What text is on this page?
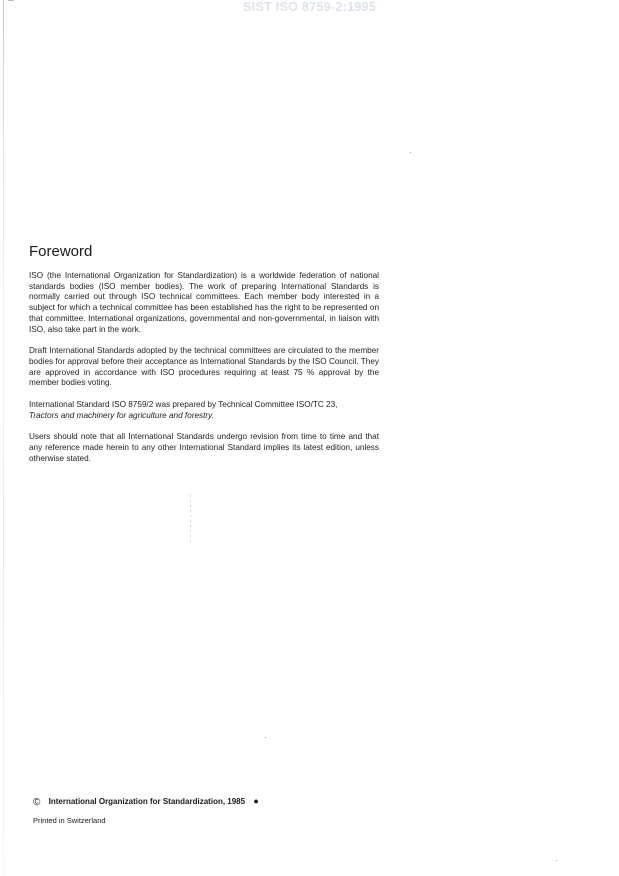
SIST ISO 8759-2:1995
Foreword

ISO (the International Organization for Standardization) is a worldwide federation of national standards bodies (ISO member bodies). The work of preparing International Standards is normally carried out through ISO technical committees. Each member body interested in a subject for which a technical committee has been established has the right to be represented on that committee. International organizations, governmental and non-governmental, in liaison with ISO, also take part in the work.

Draft International Standards adopted by the technical committees are circulated to the member bodies for approval before their acceptance as International Standards by the ISO Council. They are approved in accordance with ISO procedures requiring at least 75 % approval by the member bodies voting.

International Standard ISO 8759/2 was prepared by Technical Committee ISO/TC 23,
Tractors and machinery for agriculture and forestry.

Users should note that all International Standards undergo revision from time to time and that any reference made herein to any other International Standard implies its latest edition, unless otherwise stated.

© International Organization for Standardization, 1985 ●
Printed in Switzerland
